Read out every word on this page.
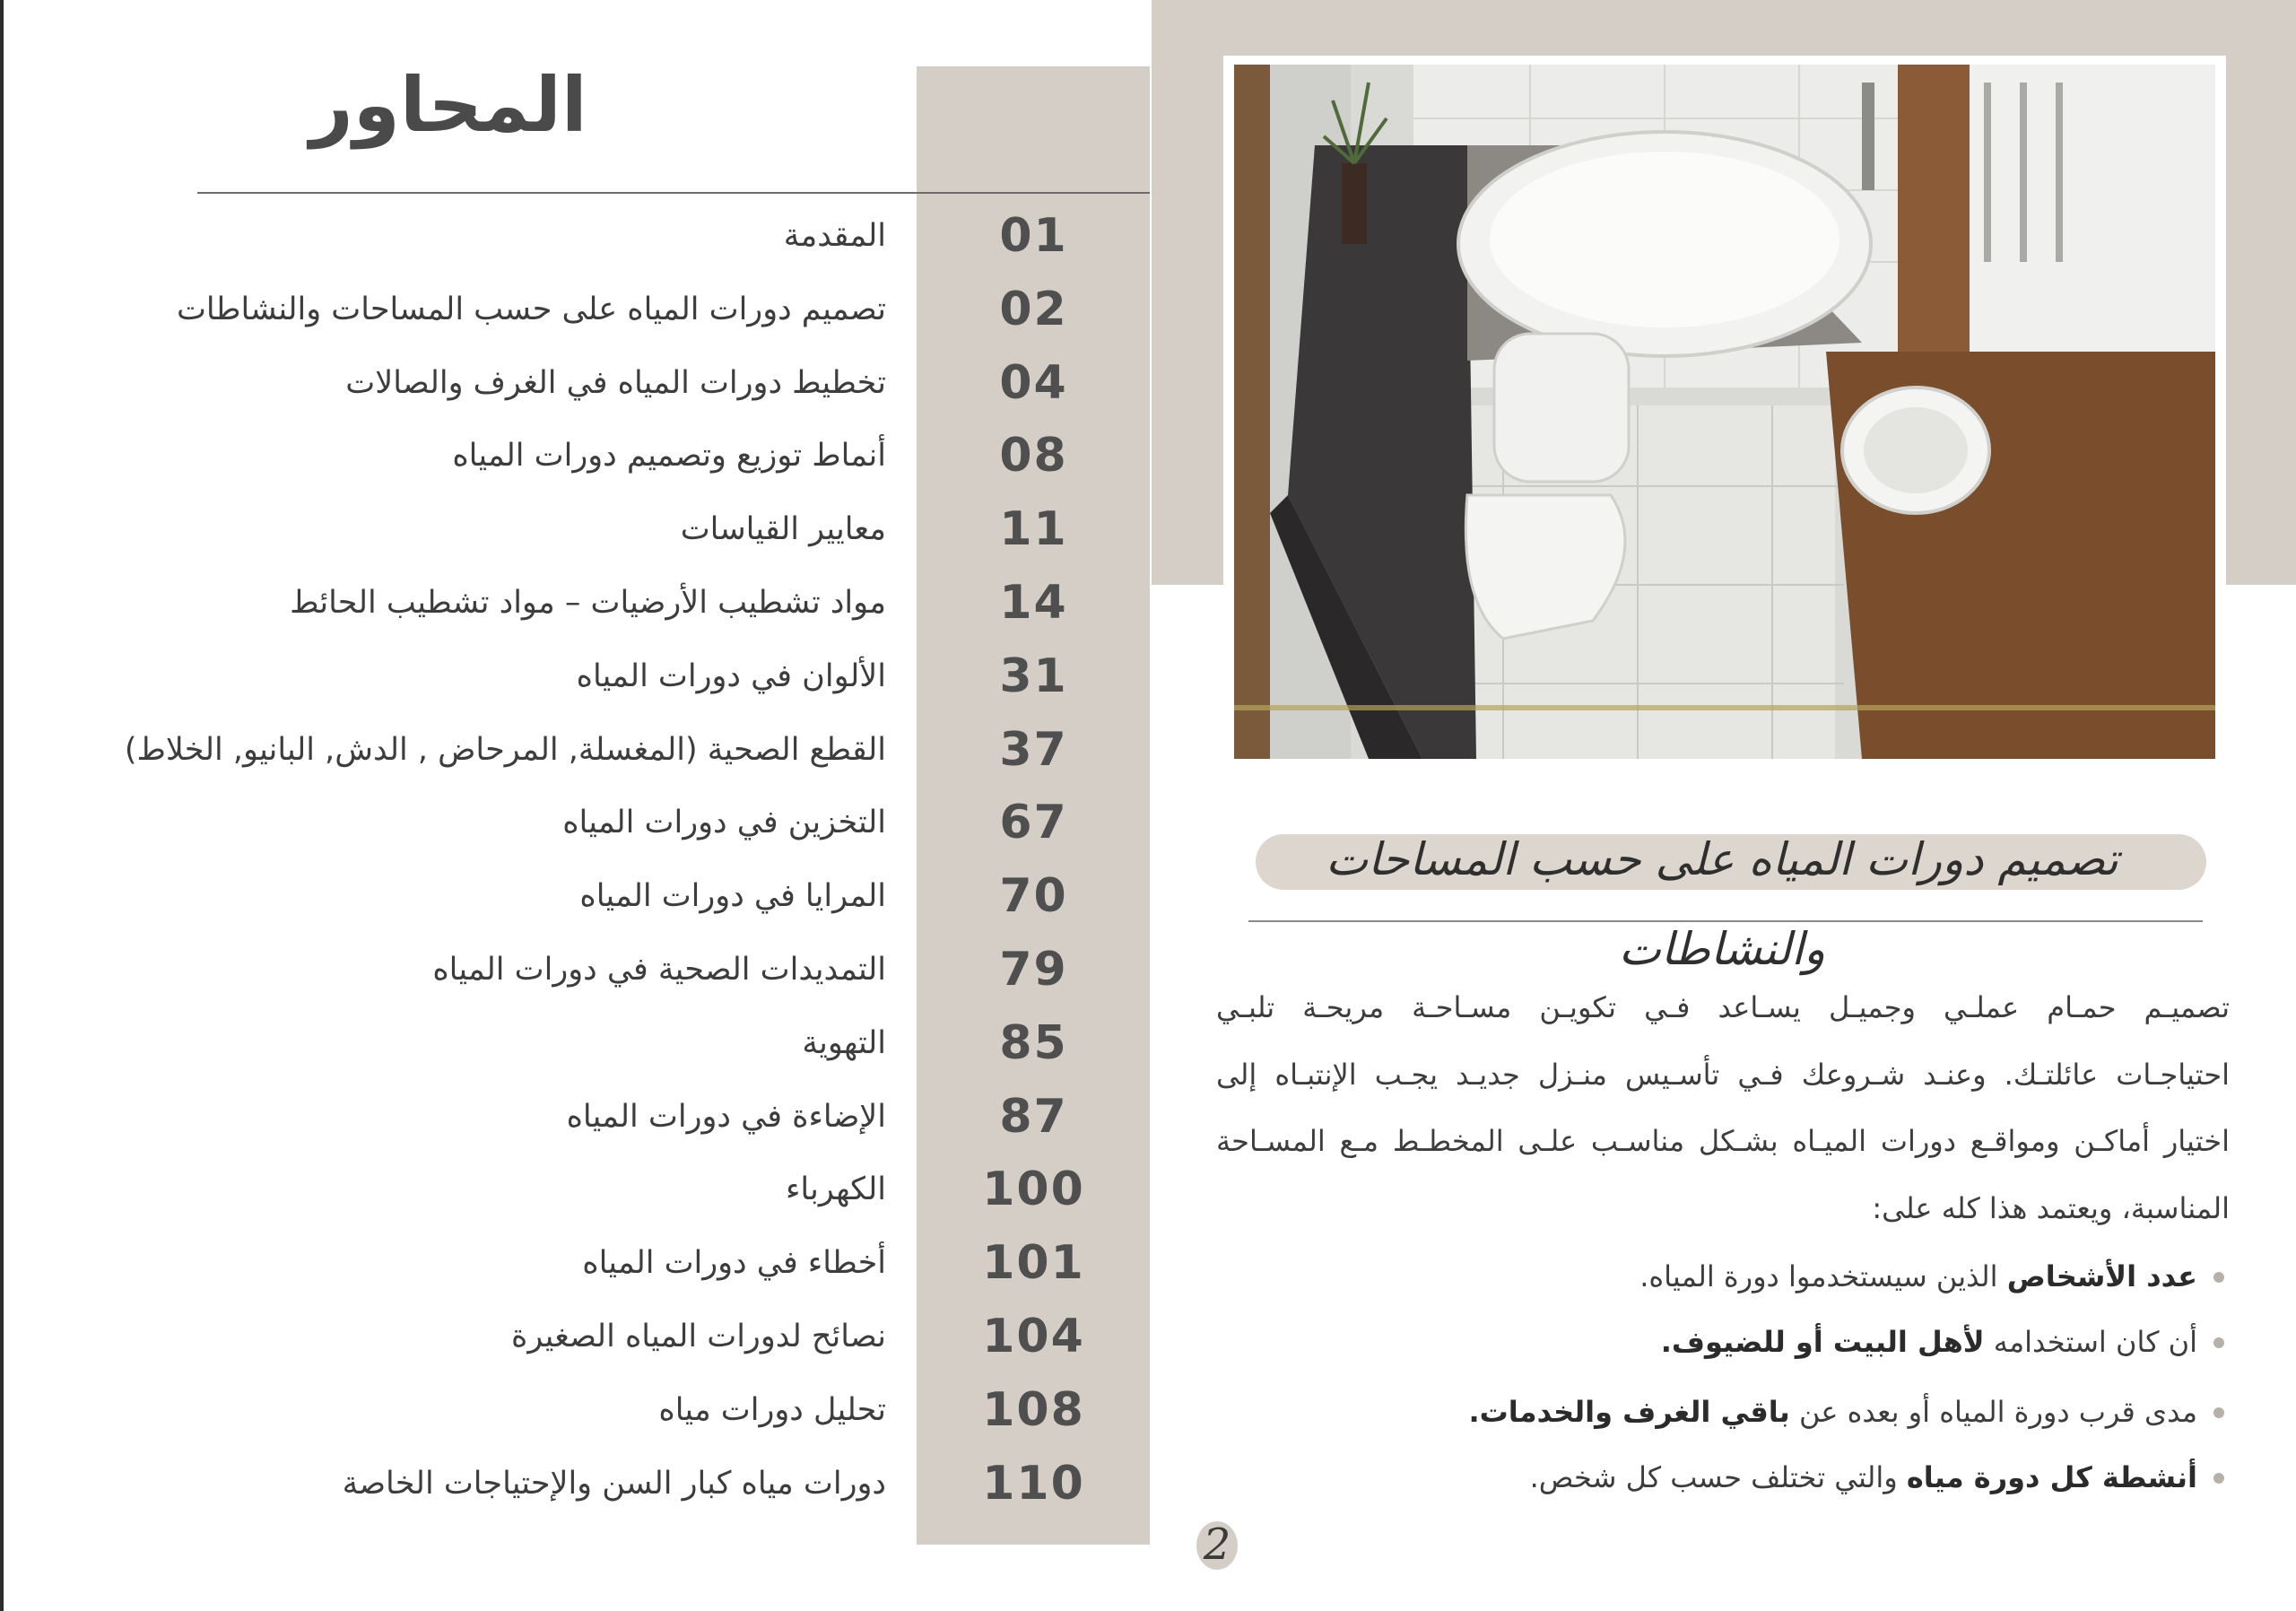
المحاور
01
المقدمة
02
تصميم دورات المياه على حسب المساحات والنشاطات
04
تخطيط دورات المياه في الغرف والصالات
08
أنماط توزيع وتصميم دورات المياه
11
معايير القياسات
14
مواد تشطيب الأرضيات – مواد تشطيب الحائط
31
الألوان في دورات المياه
37
القطع الصحية (المغسلة, المرحاض , الدش, البانيو, الخلاط)
67
التخزين في دورات المياه
70
المرايا في دورات المياه
79
التمديدات الصحية في دورات المياه
85
التهوية
87
الإضاءة في دورات المياه
100
الكهرباء
101
أخطاء في دورات المياه
104
نصائح لدورات المياه الصغيرة
108
تحليل دورات مياه
110
دورات مياه كبار السن والإحتياجات الخاصة
تصميم دورات المياه على حسب المساحات والنشاطات
تصميـم حمـام عملـي وجميـل يسـاعد فـي تكويـن مسـاحـة مريحـة تلبـي
احتياجـات عائلتـك. وعنـد شـروعك فـي تأسـيس منـزل جديـد يجـب الإنتبـاه إلى
اختيار أماكـن ومواقـع دورات الميـاه بشـكل مناسـب علـى المخطـط مـع المسـاحة
المناسبة، ويعتمد هذا كله على:
عدد الأشخاص الذين سيستخدموا دورة المياه.
أن كان استخدامه لأهل البيت أو للضيوف.
مدى قرب دورة المياه أو بعده عن باقي الغرف والخدمات.
أنشطة كل دورة مياه والتي تختلف حسب كل شخص.
2
